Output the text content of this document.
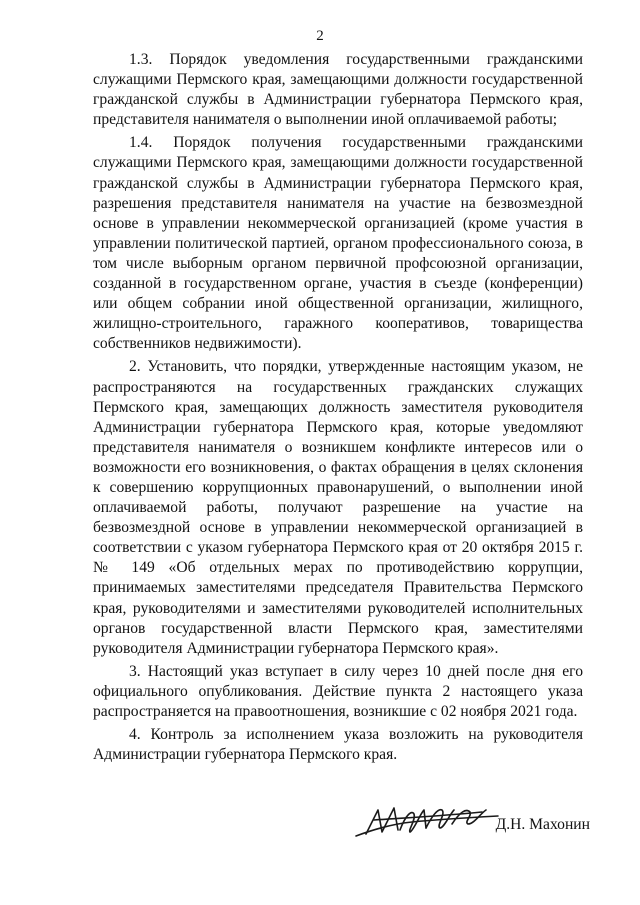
2

1.3. Порядок уведомления государственными гражданскими служащими Пермского края, замещающими должности государственной гражданской службы в Администрации губернатора Пермского края, представителя нанимателя о выполнении иной оплачиваемой работы;

1.4. Порядок получения государственными гражданскими служащими Пермского края, замещающими должности государственной гражданской службы в Администрации губернатора Пермского края, разрешения представителя нанимателя на участие на безвозмездной основе в управлении некоммерческой организацией (кроме участия в управлении политической партией, органом профессионального союза, в том числе выборным органом первичной профсоюзной организации, созданной в государственном органе, участия в съезде (конференции) или общем собрании иной общественной организации, жилищного, жилищно-строительного, гаражного кооперативов, товарищества собственников недвижимости).

2. Установить, что порядки, утвержденные настоящим указом, не распространяются на государственных гражданских служащих Пермского края, замещающих должность заместителя руководителя Администрации губернатора Пермского края, которые уведомляют представителя нанимателя о возникшем конфликте интересов или о возможности его возникновения, о фактах обращения в целях склонения к совершению коррупционных правонарушений, о выполнении иной оплачиваемой работы, получают разрешение на участие на безвозмездной основе в управлении некоммерческой организацией в соответствии с указом губернатора Пермского края от 20 октября 2015 г. № 149 «Об отдельных мерах по противодействию коррупции, принимаемых заместителями председателя Правительства Пермского края, руководителями и заместителями руководителей исполнительных органов государственной власти Пермского края, заместителями руководителя Администрации губернатора Пермского края».

3. Настоящий указ вступает в силу через 10 дней после дня его официального опубликования. Действие пункта 2 настоящего указа распространяется на правоотношения, возникшие с 02 ноября 2021 года.

4. Контроль за исполнением указа возложить на руководителя Администрации губернатора Пермского края.

Д.Н. Махонин
